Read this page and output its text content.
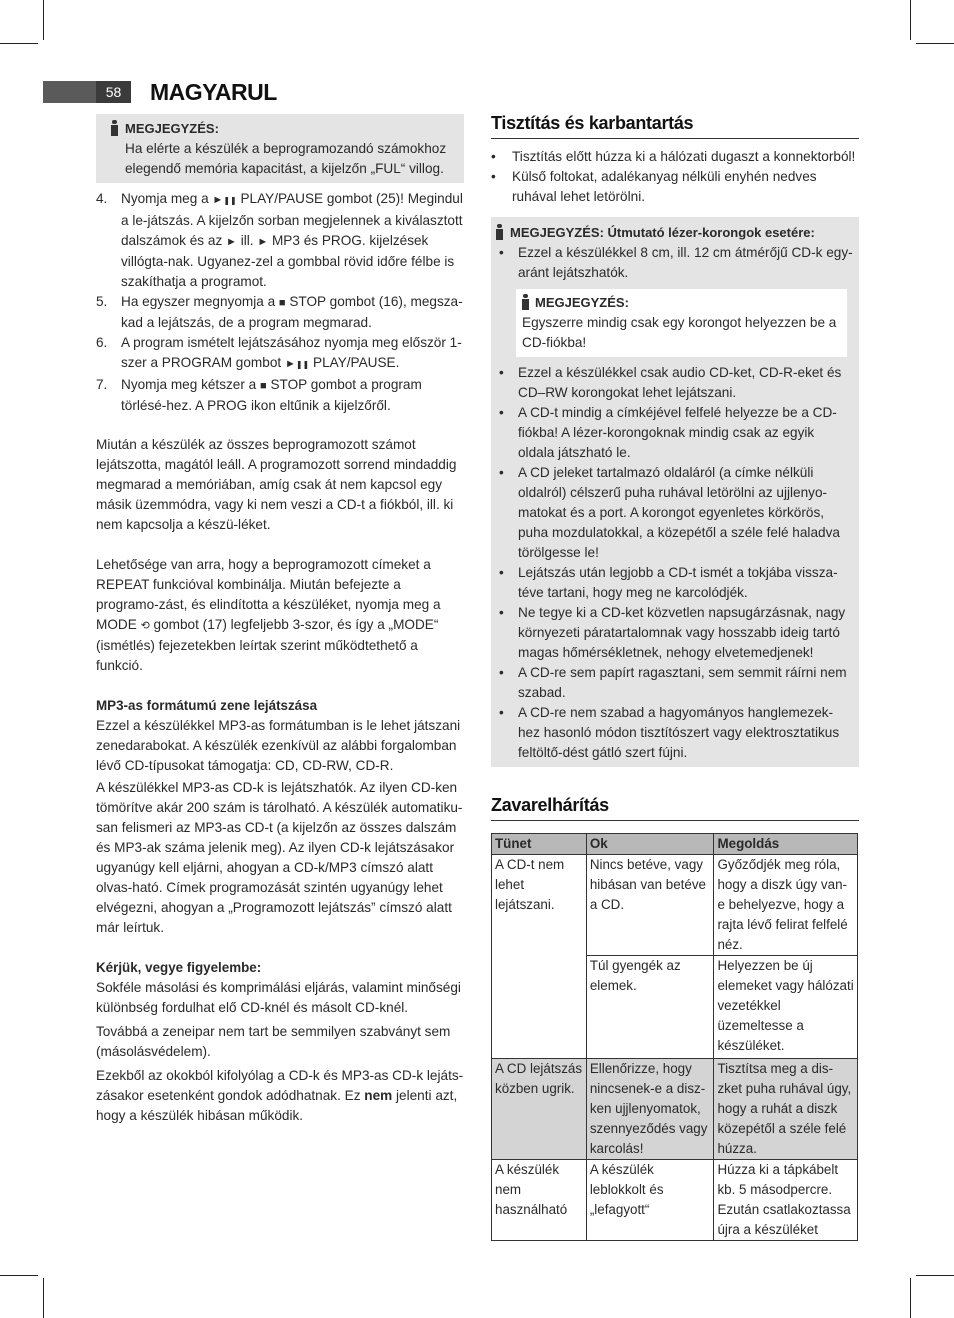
58	MAGYARUL
MEGJEGYZÉS:

Ha elérte a készülék a beprogramozandó számokhoz elegendő memória kapacitást, a kijelzőn „FUL“ villog.

4. Nyomja meg a ►❚❚ PLAY/PAUSE gombot (25)! Megindul a le-játszás. A kijelzőn sorban megjelennek a kiválasztott dalszámok és az ► ill. ► MP3 és PROG. kijelzések villógta-nak. Ugyanez-zel a gombbal rövid időre félbe is szakíthatja a programot.
5. Ha egyszer megnyomja a ■ STOP gombot (16), megsza-kad a lejátszás, de a program megmarad.
6. A program ismételt lejátszásához nyomja meg először 1-szer a PROGRAM gombot ►❚❚ PLAY/PAUSE.
7. Nyomja meg kétszer a ■ STOP gombot a program törlésé-hez. A PROG ikon eltűnik a kijelzőről.

Miután a készülék az összes beprogramozott számot lejátszotta, magától leáll. A programozott sorrend mindaddig megmarad a memóriában, amíg csak át nem kapcsol egy másik üzemmódra, vagy ki nem veszi a CD-t a fiókból, ill. ki nem kapcsolja a készü-léket.

Lehetősége van arra, hogy a beprogramozott címeket a REPEAT funkcióval kombinálja. Miután befejezte a programo-zást, és elindította a készüléket, nyomja meg a MODE ⟲ gombot (17) legfeljebb 3-szor, és így a „MODE“ (ismétlés) fejezetekben leírtak szerint működtethető a funkció.

MP3-as formátumú zene lejátszása

Ezzel a készülékkel MP3-as formátumban is le lehet játszani zenedarabokat. A készülék ezenkívül az alábbi forgalomban lévő CD-típusokat támogatja: CD, CD-RW, CD-R.

A készülékkel MP3-as CD-k is lejátszhatók. Az ilyen CD-ken tömörítve akár 200 szám is tárolható. A készülék automatiku-san felismeri az MP3-as CD-t (a kijelzőn az összes dalszám és MP3-ak száma jelenik meg). Az ilyen CD-k lejátszásakor ugyanúgy kell eljárni, ahogyan a CD-k/MP3 címszó alatt olvas-ható. Címek programozását szintén ugyanúgy lehet elvégezni, ahogyan a „Programozott lejátszás” címszó alatt már leírtuk.

Kérjük, vegye figyelembe:

Sokféle másolási és komprimálási eljárás, valamint minőségi különbség fordulhat elő CD-knél és másolt CD-knél.

Továbbá a zeneipar nem tart be semmilyen szabványt sem (másolásvédelem).

Ezekből az okokból kifolyólag a CD-k és MP3-as CD-k lejáts-zásakor esetenként gondok adódhatnak. Ez nem jelenti azt, hogy a készülék hibásan működik.

Tisztítás és karbantartás
• Tisztítás előtt húzza ki a hálózati dugaszt a konnektorból!
• Külső foltokat, adalékanyag nélküli enyhén nedves ruhával lehet letörölni.
MEGJEGYZÉS: Útmutató lézer-korongok esetére:
• Ezzel a készülékkel 8 cm, ill. 12 cm átmérőjű CD-k egy-aránt lejátszhatók.
MEGJEGYZÉS:

Egyszerre mindig csak egy korongot helyezzen be a CD-fiókba!

• Ezzel a készülékkel csak audio CD-ket, CD-R-eket és CD–RW korongokat lehet lejátszani.
• A CD-t mindig a címkéjével felfelé helyezze be a CD-fiókba! A lézer-korongoknak mindig csak az egyik oldala játszható le.
• A CD jeleket tartalmazó oldaláról (a címke nélküli oldalról) célszerű puha ruhával letörölni az ujjlenyo-matokat és a port. A korongot egyenletes körkörös, puha mozdulatokkal, a közepétől a széle felé haladva törölgesse le!
• Lejátszás után legjobb a CD-t ismét a tokjába vissza-téve tartani, hogy meg ne karcolódjék.
• Ne tegye ki a CD-ket közvetlen napsugárzásnak, nagy környezeti páratartalomnak vagy hosszabb ideig tartó magas hőmérsékletnek, nehogy elvetemedjenek!
• A CD-re sem papírt ragasztani, sem semmit ráírni nem szabad.
• A CD-re nem szabad a hagyományos hanglemezek-hez hasonló módon tisztítószert vagy elektrosztatikus feltöltő-dést gátló szert fújni.
Zavarelhárítás
Tünet	Ok	Megoldás
A CD-t nem lehet lejátszani.	Nincs betéve, vagy hibásan van betéve a CD.	Győződjék meg róla, hogy a diszk úgy van-e behelyezve, hogy a rajta lévő felirat felfelé néz.
	Túl gyengék az elemek.	Helyezzen be új elemeket vagy hálózati vezetékkel üzemeltesse a készüléket.
A CD lejátszás közben ugrik.	Ellenőrizze, hogy nincsenek-e a disz-ken ujjlenyomatok, szennyeződés vagy karcolás!	Tisztítsa meg a dis-zket puha ruhával úgy, hogy a ruhát a diszk közepétől a széle felé húzza.
A készülék nem használható	A készülék leblokkolt és „lefagyott“	Húzza ki a tápkábelt kb. 5 másodpercre. Ezután csatlakoztassa újra a készüléket
